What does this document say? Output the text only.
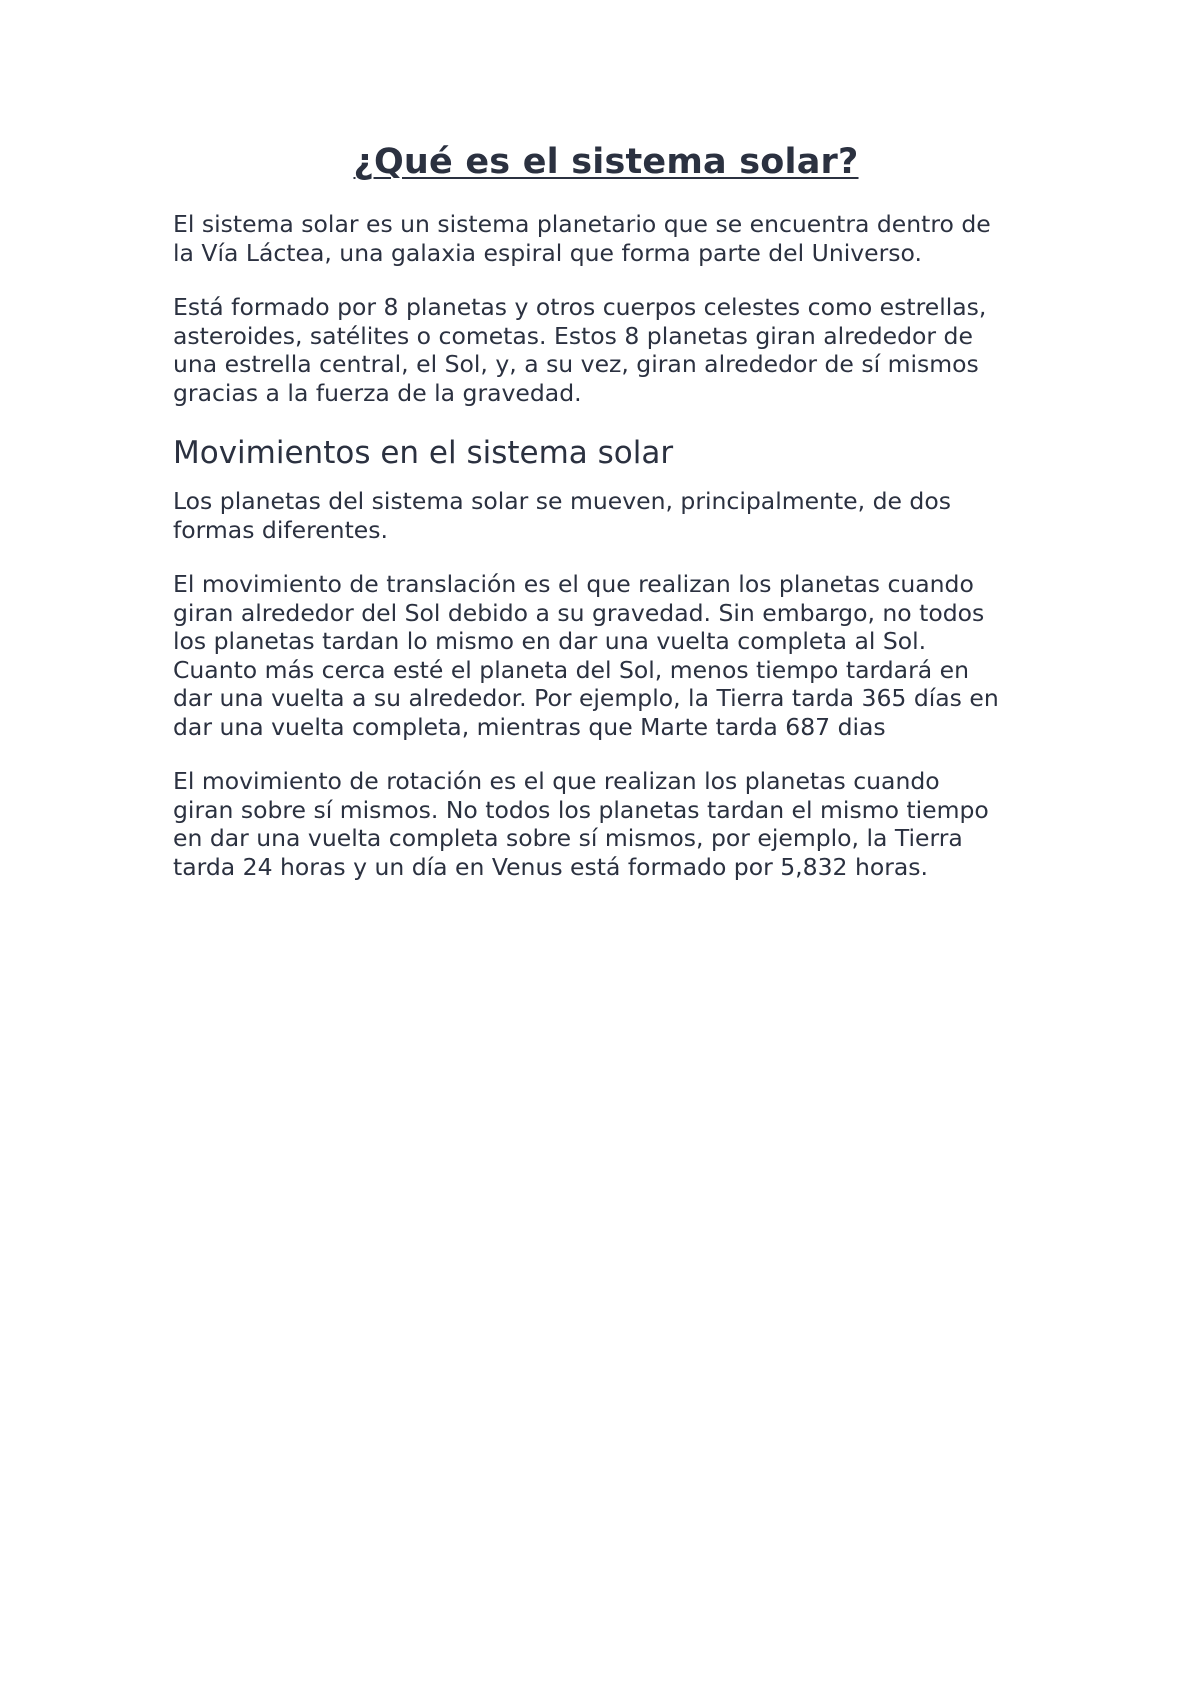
¿Qué es el sistema solar?

El sistema solar es un sistema planetario que se encuentra dentro de
la Vía Láctea, una galaxia espiral que forma parte del Universo.

Está formado por 8 planetas y otros cuerpos celestes como estrellas,
asteroides, satélites o cometas. Estos 8 planetas giran alrededor de
una estrella central, el Sol, y, a su vez, giran alrededor de sí mismos
gracias a la fuerza de la gravedad.

Movimientos en el sistema solar

Los planetas del sistema solar se mueven, principalmente, de dos
formas diferentes.

El movimiento de translación es el que realizan los planetas cuando
giran alrededor del Sol debido a su gravedad. Sin embargo, no todos
los planetas tardan lo mismo en dar una vuelta completa al Sol.
Cuanto más cerca esté el planeta del Sol, menos tiempo tardará en
dar una vuelta a su alrededor. Por ejemplo, la Tierra tarda 365 días en
dar una vuelta completa, mientras que Marte tarda 687 dias

El movimiento de rotación es el que realizan los planetas cuando
giran sobre sí mismos. No todos los planetas tardan el mismo tiempo
en dar una vuelta completa sobre sí mismos, por ejemplo, la Tierra
tarda 24 horas y un día en Venus está formado por 5,832 horas.
